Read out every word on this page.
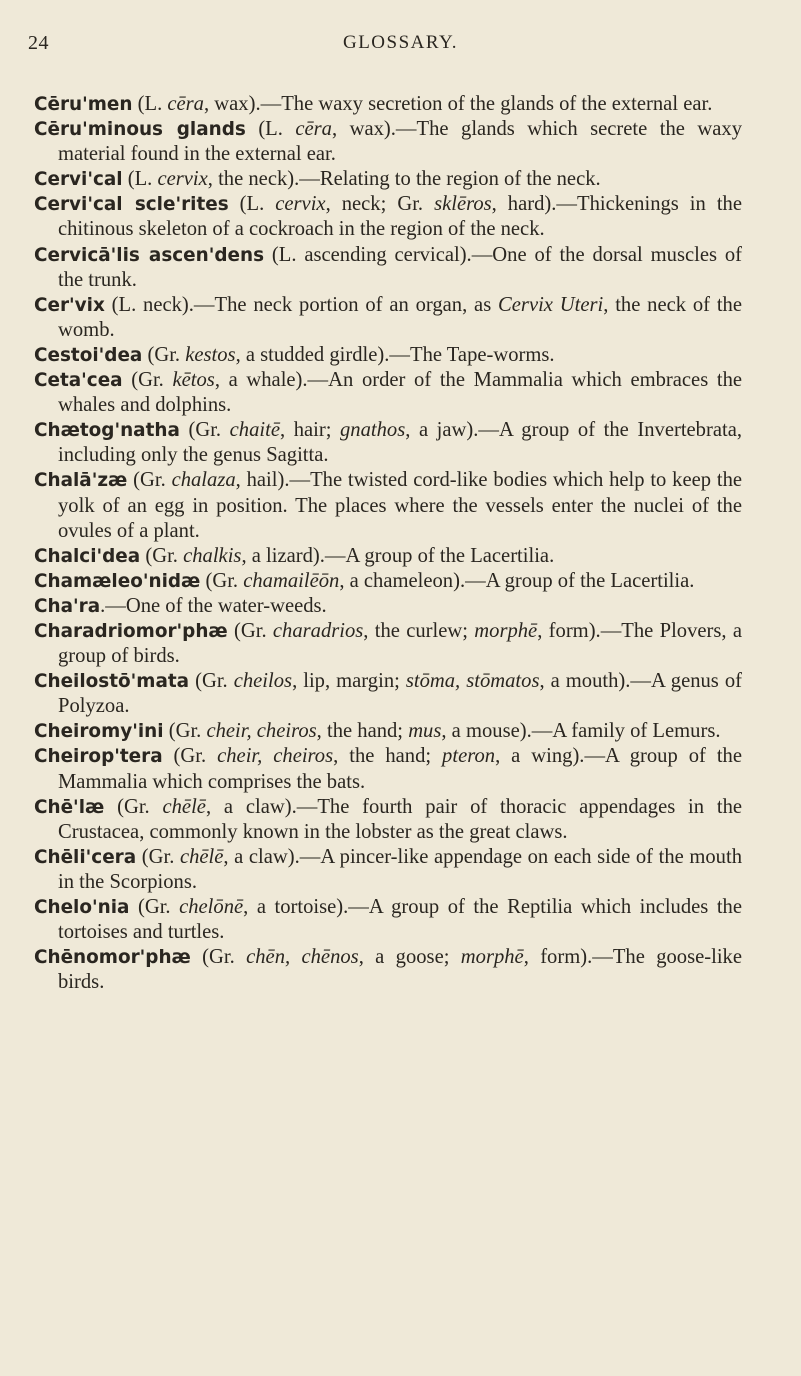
24	GLOSSARY.

Cēru'men (L. cēra, wax).—The waxy secretion of the glands of the external ear.

Cēru'minous glands (L. cēra, wax).—The glands which secrete the waxy material found in the external ear.

Cervi'cal (L. cervix, the neck).—Relating to the region of the neck.

Cervi'cal scle'rites (L. cervix, neck; Gr. sklēros, hard).—Thickenings in the chitinous skeleton of a cockroach in the region of the neck.

Cervicā'lis ascen'dens (L. ascending cervical).—One of the dorsal muscles of the trunk.

Cer'vix (L. neck).—The neck portion of an organ, as Cervix Uteri, the neck of the womb.

Cestoi'dea (Gr. kestos, a studded girdle).—The Tape-worms.

Ceta'cea (Gr. kētos, a whale).—An order of the Mammalia which embraces the whales and dolphins.

Chætog'natha (Gr. chaitē, hair; gnathos, a jaw).—A group of the Invertebrata, including only the genus Sagitta.

Chalā'zæ (Gr. chalaza, hail).—The twisted cord-like bodies which help to keep the yolk of an egg in position. The places where the vessels enter the nuclei of the ovules of a plant.

Chalci'dea (Gr. chalkis, a lizard).—A group of the Lacertilia.

Chamæleo'nidæ (Gr. chamailēōn, a chameleon).—A group of the Lacertilia.

Cha'ra.—One of the water-weeds.

Charadriomor'phæ (Gr. charadrios, the curlew; morphē, form).—The Plovers, a group of birds.

Cheilostō'mata (Gr. cheilos, lip, margin; stōma, stōmatos, a mouth).—A genus of Polyzoa.

Cheiromy'ini (Gr. cheir, cheiros, the hand; mus, a mouse).—A family of Lemurs.

Cheirop'tera (Gr. cheir, cheiros, the hand; pteron, a wing).—A group of the Mammalia which comprises the bats.

Chē'læ (Gr. chēlē, a claw).—The fourth pair of thoracic appendages in the Crustacea, commonly known in the lobster as the great claws.

Chēli'cera (Gr. chēlē, a claw).—A pincer-like appendage on each side of the mouth in the Scorpions.

Chelo'nia (Gr. chelōnē, a tortoise).—A group of the Reptilia which includes the tortoises and turtles.

Chēnomor'phæ (Gr. chēn, chēnos, a goose; morphē, form).—The goose-like birds.
